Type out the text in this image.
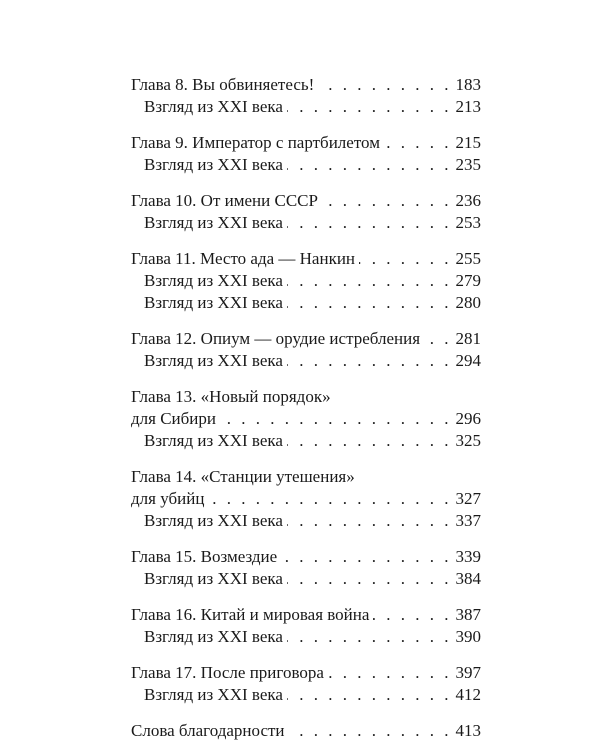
Глава 8. Вы обвиняетесь! . . .	183
Взгляд из XXI века . . .	213
Глава 9. Император с партбилетом . . .	215
Взгляд из XXI века . . .	235
Глава 10. От имени СССР . . .	236
Взгляд из XXI века . . .	253
Глава 11. Место ада — Нанкин . . .	255
Взгляд из XXI века . . .	279
Взгляд из XXI века . . .	280
Глава 12. Опиум — орудие истребления . . . 281
Взгляд из XXI века . . .	294
Глава 13. «Новый порядок»
для Сибири . . .	296
Взгляд из XXI века . . .	325
Глава 14. «Станции утешения»
для убийц . . .	327
Взгляд из XXI века . . .	337
Глава 15. Возмездие . . .	339
Взгляд из XXI века . . .	384
Глава 16. Китай и мировая война . . .	387
Взгляд из XXI века . . .	390
Глава 17. После приговора . . .	397
Взгляд из XXI века . . .	412
Слова благодарности . . .	413
